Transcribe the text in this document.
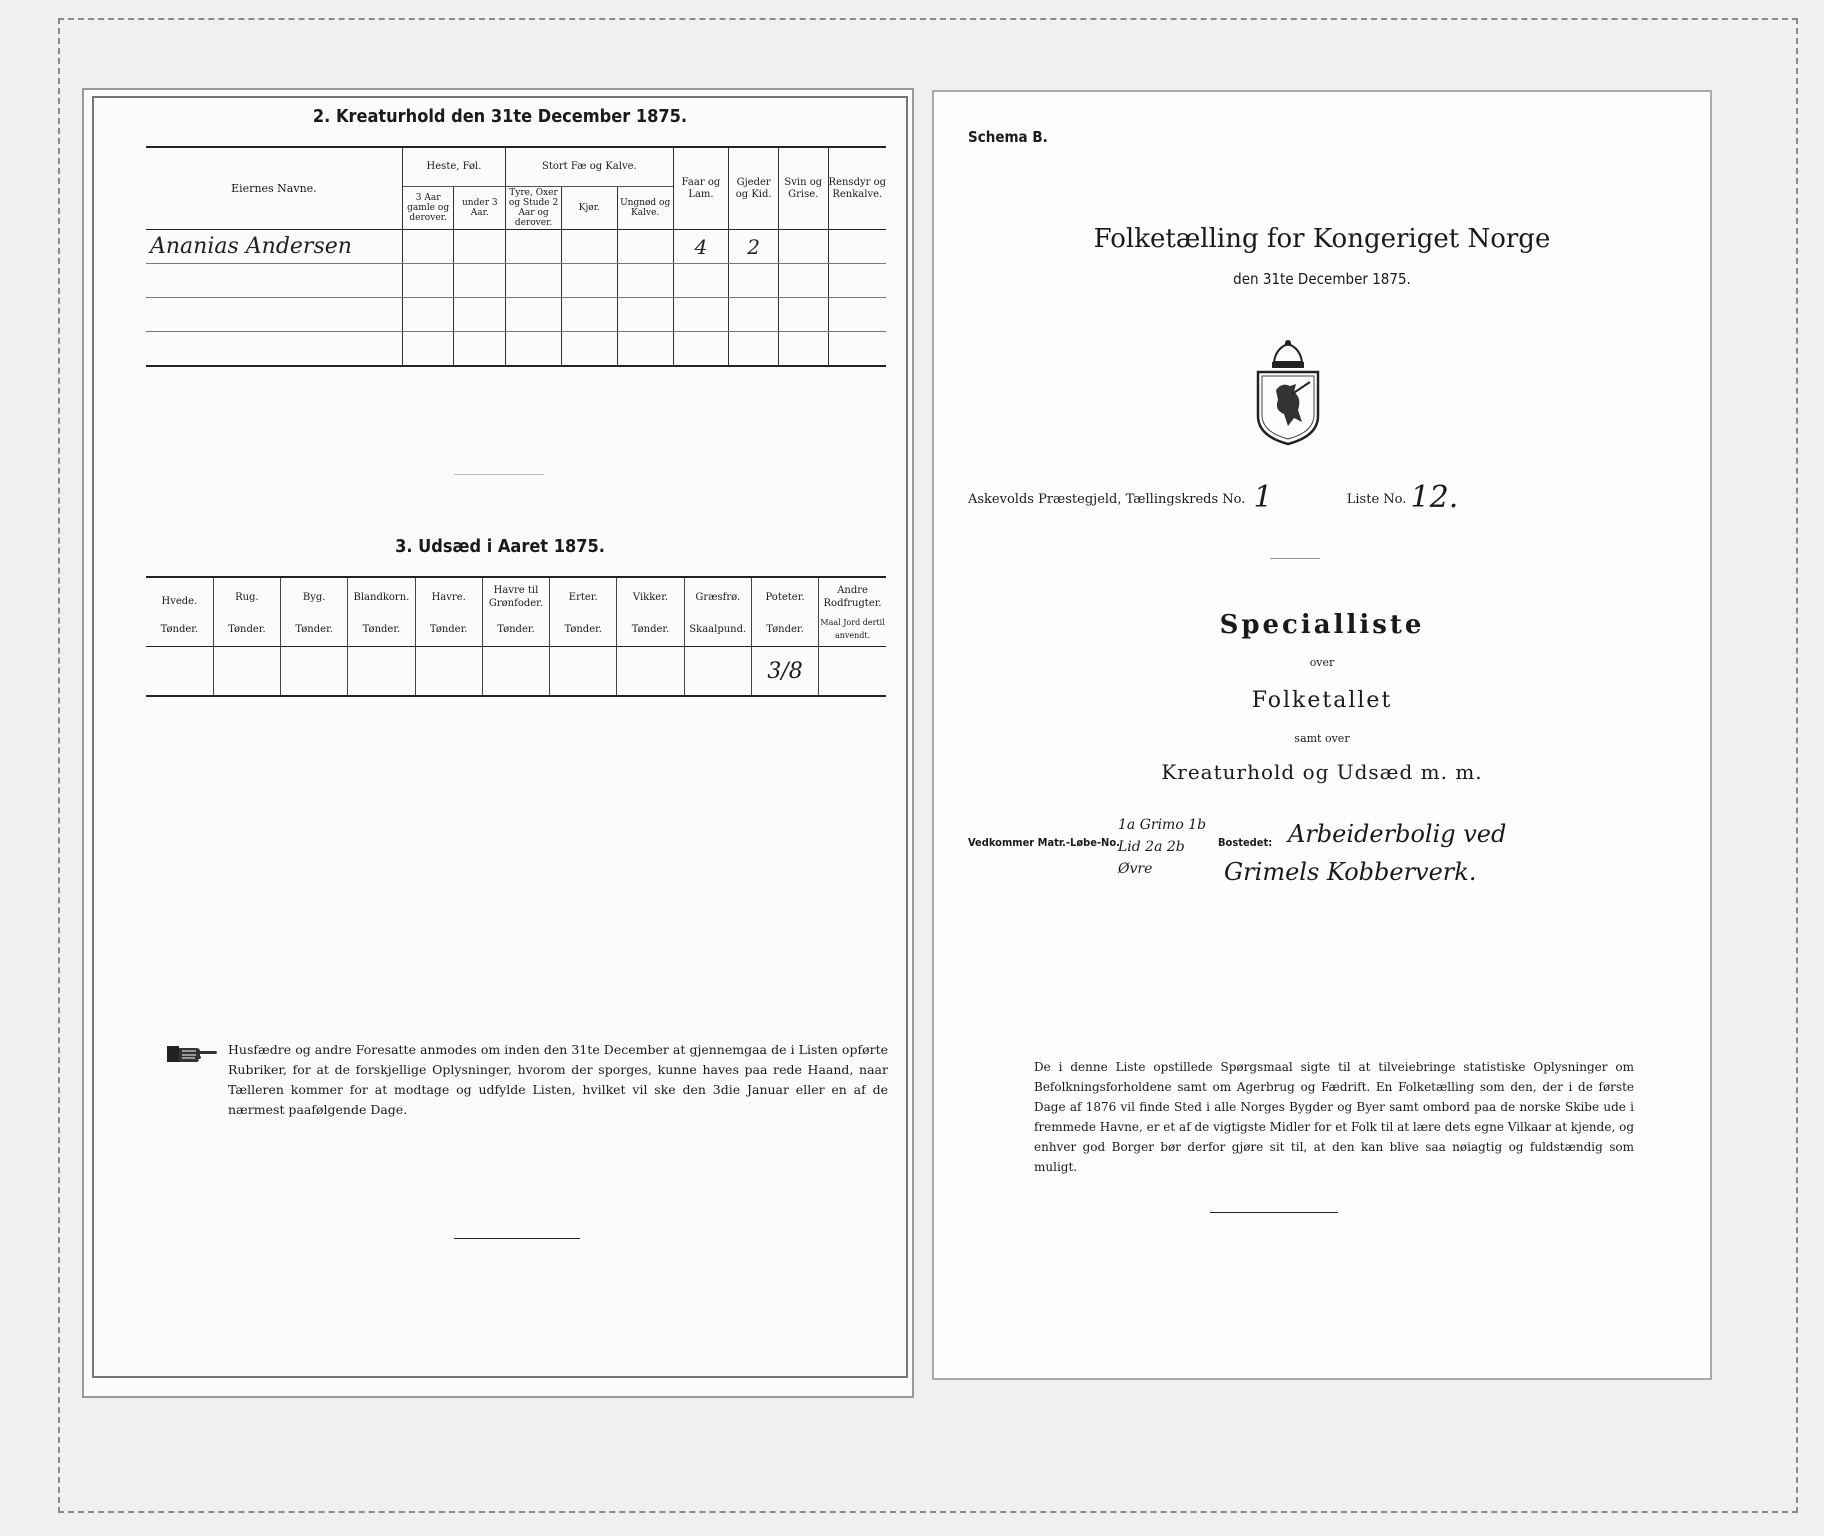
2. Kreaturhold den 31te December 1875.
Eiernes Navne.	Heste, Føl.		Stort Fæ og Kalve.			Faar og Lam.	Gjeder og Kid.	Svin og Grise.	Rensdyr og Renkalve.
	3 Aar gamle og derover.	under 3 Aar.	Tyre, Oxer og Stude 2 Aar og derover.	Kjør.	Ungnød og Kalve.				
Ananias Andersen						4	2		

3. Udsæd i Aaret 1875.
Hvede.	Rug.	Byg.	Blandkorn.	Havre.	Havre til Grønfoder.	Erter.	Vikker.	Græsfrø.	Poteter.	Andre Rodfrugter.
Tønder.	Tønder.	Tønder.	Tønder.	Tønder.	Tønder.	Tønder.	Tønder.	Skaalpund.	Tønder.	Maal Jord dertil anvendt.
									3/8	
Husfædre og andre Foresatte anmodes om inden den 31te December at gjennemgaa de i Listen opførte Rubriker, for at de forskjellige Oplysninger, hvorom der sporges, kunne haves paa rede Haand, naar Tælleren kommer for at modtage og udfylde Listen, hvilket vil ske den 3die Januar eller en af de nærmest paafølgende Dage.
Schema B.
Folketælling for Kongeriget Norge
den 31te December 1875.
Askevolds Præstegjeld, Tællingskreds No. 1	Liste No. 12.
Specialliste
over
Folketallet
samt over
Kreaturhold og Udsæd m. m.
Vedkommer Matr.-Løbe-No.
1a Grimo 1b Lid 2a 2b Øvre
Bostedet: Arbeiderbolig ved
Grimels Kobberverk.
De i denne Liste opstillede Spørgsmaal sigte til at tilveiebringe statistiske Oplysninger om Befolkningsforholdene samt om Agerbrug og Fædrift. En Folketælling som den, der i de første Dage af 1876 vil finde Sted i alle Norges Bygder og Byer samt ombord paa de norske Skibe ude i fremmede Havne, er et af de vigtigste Midler for et Folk til at lære dets egne Vilkaar at kjende, og enhver god Borger bør derfor gjøre sit til, at den kan blive saa nøiagtig og fuldstændig som muligt.
